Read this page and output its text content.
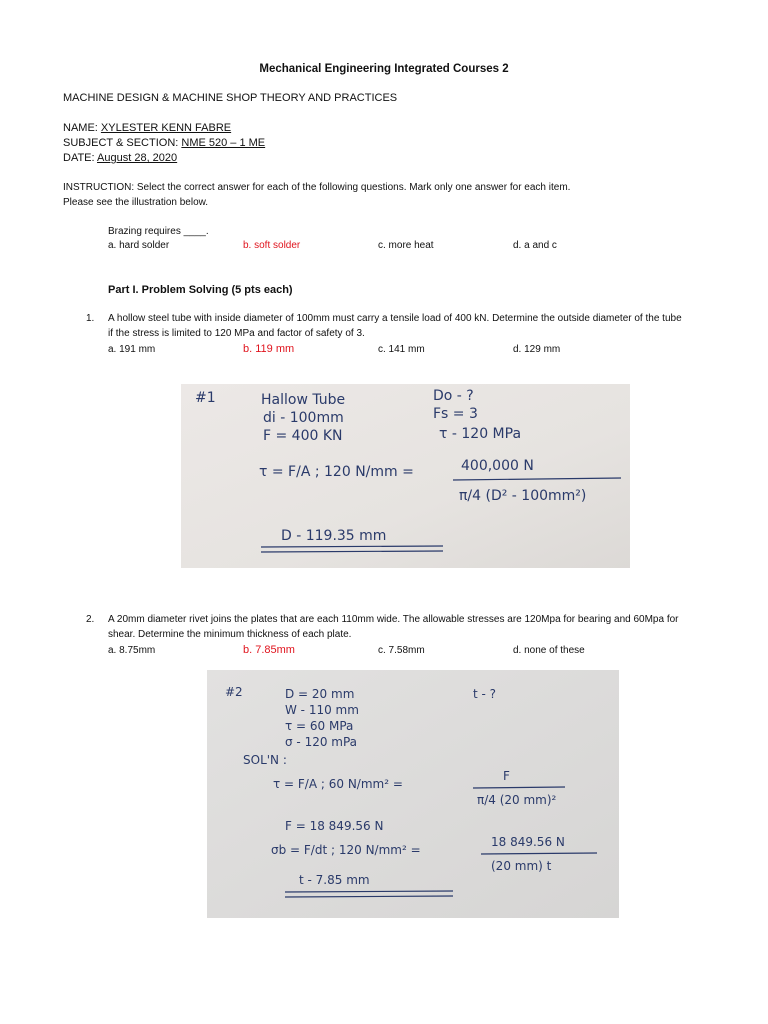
Mechanical Engineering Integrated Courses 2
MACHINE DESIGN & MACHINE SHOP THEORY AND PRACTICES
NAME: XYLESTER KENN FABRE
SUBJECT & SECTION: NME 520 – 1 ME
DATE: August 28, 2020
INSTRUCTION: Select the correct answer for each of the following questions. Mark only one answer for each item.
Please see the illustration below.
Brazing requires ____.
a. hard solder	b. soft solder	c. more heat	d. a and c
Part I. Problem Solving (5 pts each)
1. A hollow steel tube with inside diameter of 100mm must carry a tensile load of 400 kN. Determine the outside diameter of the tube
if the stress is limited to 120 MPa and factor of safety of 3.
a. 191 mm	b. 119 mm	c. 141 mm	d. 129 mm
#1	Hallow Tube
di - 100mm
F = 400 KN
Do - ?
Fs = 3
τ - 120 MPa
τ = F/A ; 120 N/mm =	400,000 N
π/4 (D² - 100mm²)
D - 119.35 mm
2. A 20mm diameter rivet joins the plates that are each 110mm wide. The allowable stresses are 120Mpa for bearing and 60Mpa for
shear. Determine the minimum thickness of each plate.
a. 8.75mm	b. 7.85mm	c. 7.58mm	d. none of these
#2	D = 20 mm
W - 110 mm
τ = 60 MPa
σ - 120 mPa
t - ?
SOL'N :
τ = F/A ; 60 N/mm² =
F
π/4 (20 mm)²
F = 18 849.56 N
σb = F/dt ; 120 N/mm² =
18 849.56 N
(20 mm) t
t - 7.85 mm
